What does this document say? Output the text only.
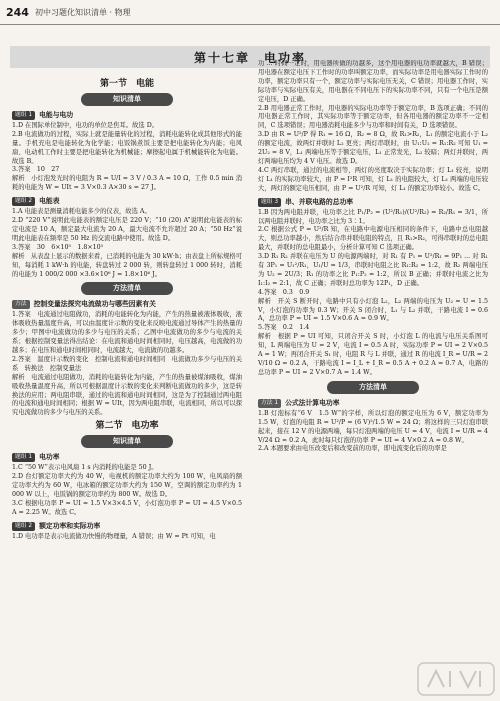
244 初中习题化知识清单 · 物理
第十七章　电功率
第一节　电能
知识清单
题组 1	电能与电功

1.D 在国际单位制中，电功的单位是焦耳。故选 D。

2.B 电流做功的过程，实际上就是能量转化的过程，消耗电能转化成其他形式的能量。手机充电是电能转化为化学能；电饭锅煮饭主要是把电能转化为内能；电风扇、电动机工作时主要是把电能转化为机械能；摩擦起电属于机械能转化为电能。故选 B。

3.答案　10　27

解析　小灯泡发光时的电阻为 R = U/I = 3 V / 0.3 A = 10 Ω，工作 0.5 min 消耗的电能为 W = UIt = 3 V×0.3 A×30 s = 27 J。

题组 2	电能表

1.A 电能表是测量消耗电能多少的仪表，故选 A。

2.D “220 V”说明此电能表的额定电压是 220 V；“10 (20) A”说明此电能表的标定电流是 10 A，额定最大电流为 20 A，最大电流不允许超过 20 A；“50 Hz”说明此电能表在频率是 50 Hz 的交流电路中使用。故选 D。

3.答案　30　6×10⁵　1.8×10⁵

解析　从表盘上显示的数据来看，已消耗的电能为 30 kW·h；由表盘上所标规格可知，每消耗 1 kW·h 的电能，转盘转过 2 000 转，则转盘转过 1 000 转时，消耗的电能为 1 000/2 000 ×3.6×10⁶ J = 1.8×10⁶ J。

方法清单
方法	控制变量法探究电流做功与哪些因素有关

1.答案　电流通过电阻做功，消耗的电能转化为内能，产生的热量被液体吸收，液体吸收热量温度升高，可以由温度计示数的变化来反映电流通过导体产生的热量的多少；甲图中电流做功的多少与电压的关系；乙图中电流做功的多少与电流的关系；根据控制变量法得出结论：在电流和通电时间相同时，电压越高，电流做的功越多；在电压和通电时间相同时，电流越大，电流做的功越多。

2.答案　温度计示数的变化　控制电流和通电时间相同　电流做功多少与电压的关系　转换法　控制变量法

解析　电流通过电阻做功，消耗的电能转化为内能，产生的热量被煤油吸收，煤油吸收热量温度升高，所以可根据温度计示数的变化来判断电流做功的多少，这是转换法的应用；两电阻串联，通过的电流和通电时间相同，这是为了控制通过两电阻的电流和通电时间相同；根据 W = UIt，因为两电阻串联，电流相同，所以可以探究电流做功的多少与电压的关系。

第二节　电功率
知识清单
题组 1	电功率

1.C “50 W”表示电风扇 1 s 内消耗的电能是 50 J。

2.D 台灯额定功率大约为 40 W，电视机的额定功率大约为 100 W，电风扇的额定功率大约为 60 W，电冰箱的额定功率大约为 150 W，空调的额定功率约为 1 000 W 以上，电饭锅的额定功率约为 800 W。故选 D。

3.C 根据电功率 P = UI = 1.5 V×3×4.5 V，小灯泡功率 P = UI = 4.5 V×0.5 A = 2.25 W。故选 C。

题组 2	额定功率和实际功率

1.D 电功率是表示电流做功快慢的物理量，A 错误；由 W = Pt 可知，电

功 ... 时间一定时，用电器所做的功越多，这个用电器的电功率就越大，B 错误；用电器在额定电压下工作时的功率叫额定功率，而实际功率是用电器实际工作时的功率，额定功率只有一个，额定功率与实际电压无关，C 错误；用电器工作时，实际功率与实际电压有关，用电器在不同电压下的实际功率不同，只有一个电压是额定电压，D 正确。

2.B 用电器正常工作时，用电器的实际电功率等于额定功率，B 选项正确；不同的用电器正常工作时，其实际功率等于额定功率，但各用电器的额定功率不一定相同，C 选项错误；用电器消耗电能多少与功率和时间有关，D 选项错误。

3.D 由 R = U²/P 得 R₁ = 16 Ω，R₂ = 8 Ω，故 R₁>R₂，L₁ 的额定电流小于 L₂ 的额定电流，故两灯并联时 L₂ 更亮；两灯串联时，由 U₁:U₂ = R₁:R₂ 可知 U₁ = 2U₂ = 8 V，L₁ 两端电压等于额定电压，L₁ 正常发光，L₂ 较暗；两灯并联时，两灯两端电压均为 4 V 电压。故选 D。

4.C 两灯串联，通过的电流相等，两灯的亮度取决于实际功率；灯 L₁ 较亮，说明灯 L₁ 的实际功率较大，由 P = I²R 可知，灯 L₁ 的电阻较大，灯 L₁ 两端的电压较大，两灯的额定电压相同，由 P = U²/R 可知，灯 L₁ 的额定功率较小。故选 C。

题组 3	串、并联电路的总功率

1.B 因为两电阻并联，电功率之比 P₁/P₂ = (U²/R₁)/(U²/R₂) = R₂/R₁ = 3/1，所以两电阻并联时，电功率之比为 3∶1。

2.C 根据公式 P = U²/R 知，在电路中电源电压相同的条件下，电路中总电阻越大，则总功率越小，然后结合串并联电阻的特点，且 R₁>R₂，可得串联时的总电阻最大，并联时的总电阻最小，分析计算可知 C 选项正确。

3.D R₁ R₂ 并联在电压为 U 的电源两端时，对 R₁ 有 P₁ = U²/R₁ = 9P₁ ... 对 R₁ 有 3P₁ = U₁²/R₁，U₁/U = 1/3，串联时电阻之比 R₁:R₂ = 1:2，故 R₂ 两端电压为 U₂ = 2U/3；R₁ 的功率之比 P₁:P₂ = 1:2，所以 B 正确；并联时电流之比为 I₁:I₂ = 2:1，故 C 正确；并联时总功率为 12P₁，D 正确。

4.答案　0.3　0.9

解析　开关 S 断开时，电路中只有小灯泡 L₂，L₂ 两端的电压为 U₂ = U = 1.5 V，小灯泡的功率为 0.3 W；开关 S 闭合时，L₁ 与 L₂ 并联，干路电流 I = 0.6 A，总功率 P = UI = 1.5 V×0.6 A = 0.9 W。

5.答案　0.2　1.4

解析　根据 P = UI 可知，只闭合开关 S 时，小灯泡 L 的电流与电压关系图可知，L 两端电压为 U = 2 V，电流 I = 0.5 A 时，实际功率 P = UI = 2 V×0.5 A = 1 W；再闭合开关 S₁ 时，电阻 R 与 L 并联，通过 R 的电流 I_R = U/R = 2 V/10 Ω = 0.2 A，干路电流 I = I_L + I_R = 0.5 A + 0.2 A = 0.7 A，电路的总功率 P = UI = 2 V×0.7 A = 1.4 W。

方法清单
方法 1	公式法计算电功率

1.B 灯泡标有“6 V　1.5 W”的字样，所以灯泡的额定电压为 6 V，额定功率为 1.5 W，灯泡的电阻 R = U²/P = (6 V)²/1.5 W = 24 Ω；将这样的三只灯泡串联起来，接在 12 V 的电源两端，每只灯泡两端的电压 U = 4 V，电流 I = U/R = 4 V/24 Ω ≈ 0.2 A，此时每只灯泡的功率 P = UI = 4 V×0.2 A = 0.8 W。

2.A 本题要求由电压改变后和改变前的功率，即电流变化后的功率是
